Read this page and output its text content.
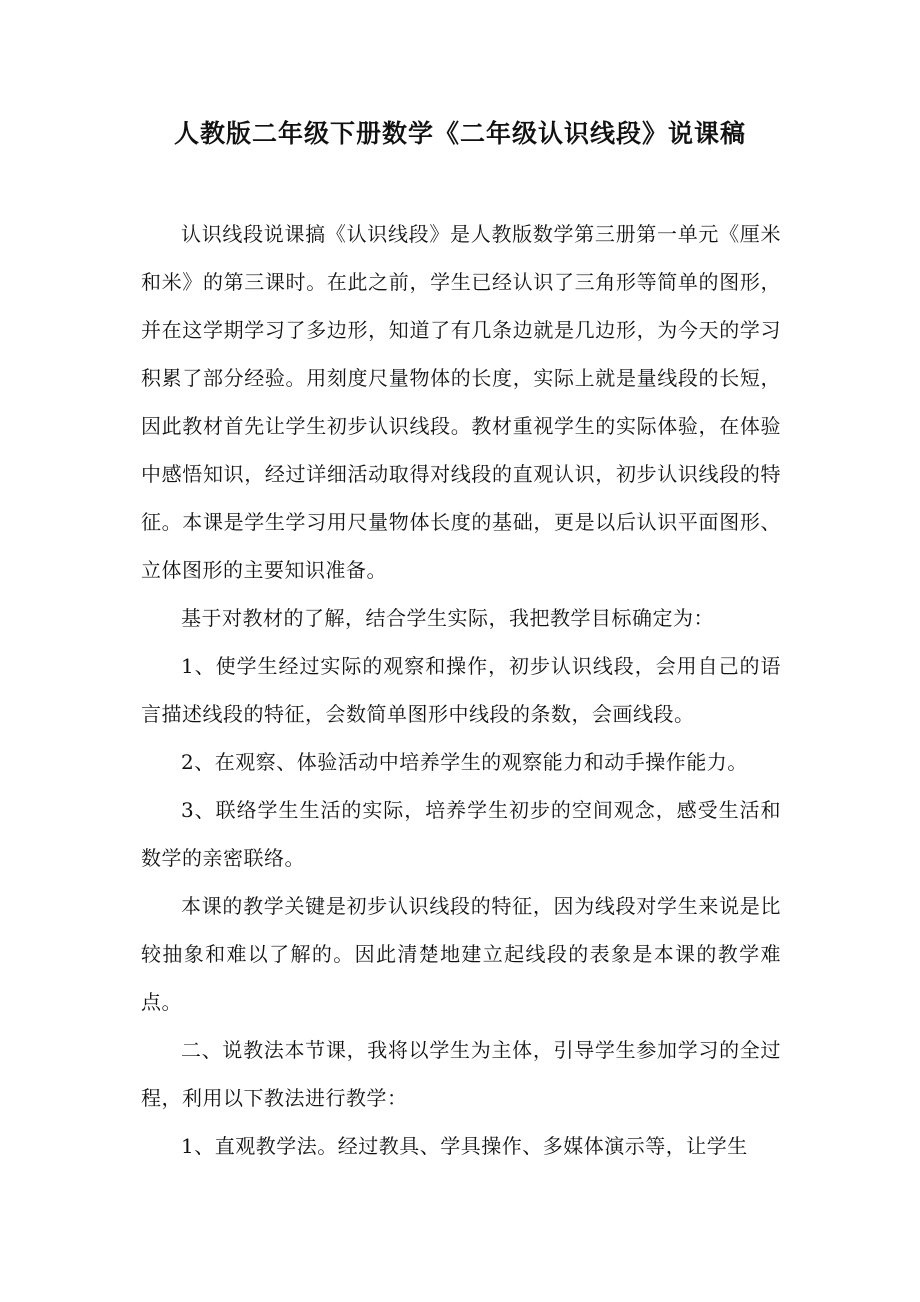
人教版二年级下册数学《二年级认识线段》说课稿

认识线段说课搞《认识线段》是人教版数学第三册第一单元《厘米和米》的第三课时。在此之前，学生已经认识了三角形等简单的图形，并在这学期学习了多边形，知道了有几条边就是几边形，为今天的学习积累了部分经验。用刻度尺量物体的长度，实际上就是量线段的长短，因此教材首先让学生初步认识线段。教材重视学生的实际体验，在体验中感悟知识，经过详细活动取得对线段的直观认识，初步认识线段的特征。本课是学生学习用尺量物体长度的基础，更是以后认识平面图形、立体图形的主要知识准备。

基于对教材的了解，结合学生实际，我把教学目标确定为：

1、使学生经过实际的观察和操作，初步认识线段，会用自己的语言描述线段的特征，会数简单图形中线段的条数，会画线段。

2、在观察、体验活动中培养学生的观察能力和动手操作能力。

3、联络学生生活的实际，培养学生初步的空间观念，感受生活和数学的亲密联络。

本课的教学关键是初步认识线段的特征，因为线段对学生来说是比较抽象和难以了解的。因此清楚地建立起线段的表象是本课的教学难点。

二、说教法本节课，我将以学生为主体，引导学生参加学习的全过程，利用以下教法进行教学：

1、直观教学法。经过教具、学具操作、多媒体演示等，让学生
